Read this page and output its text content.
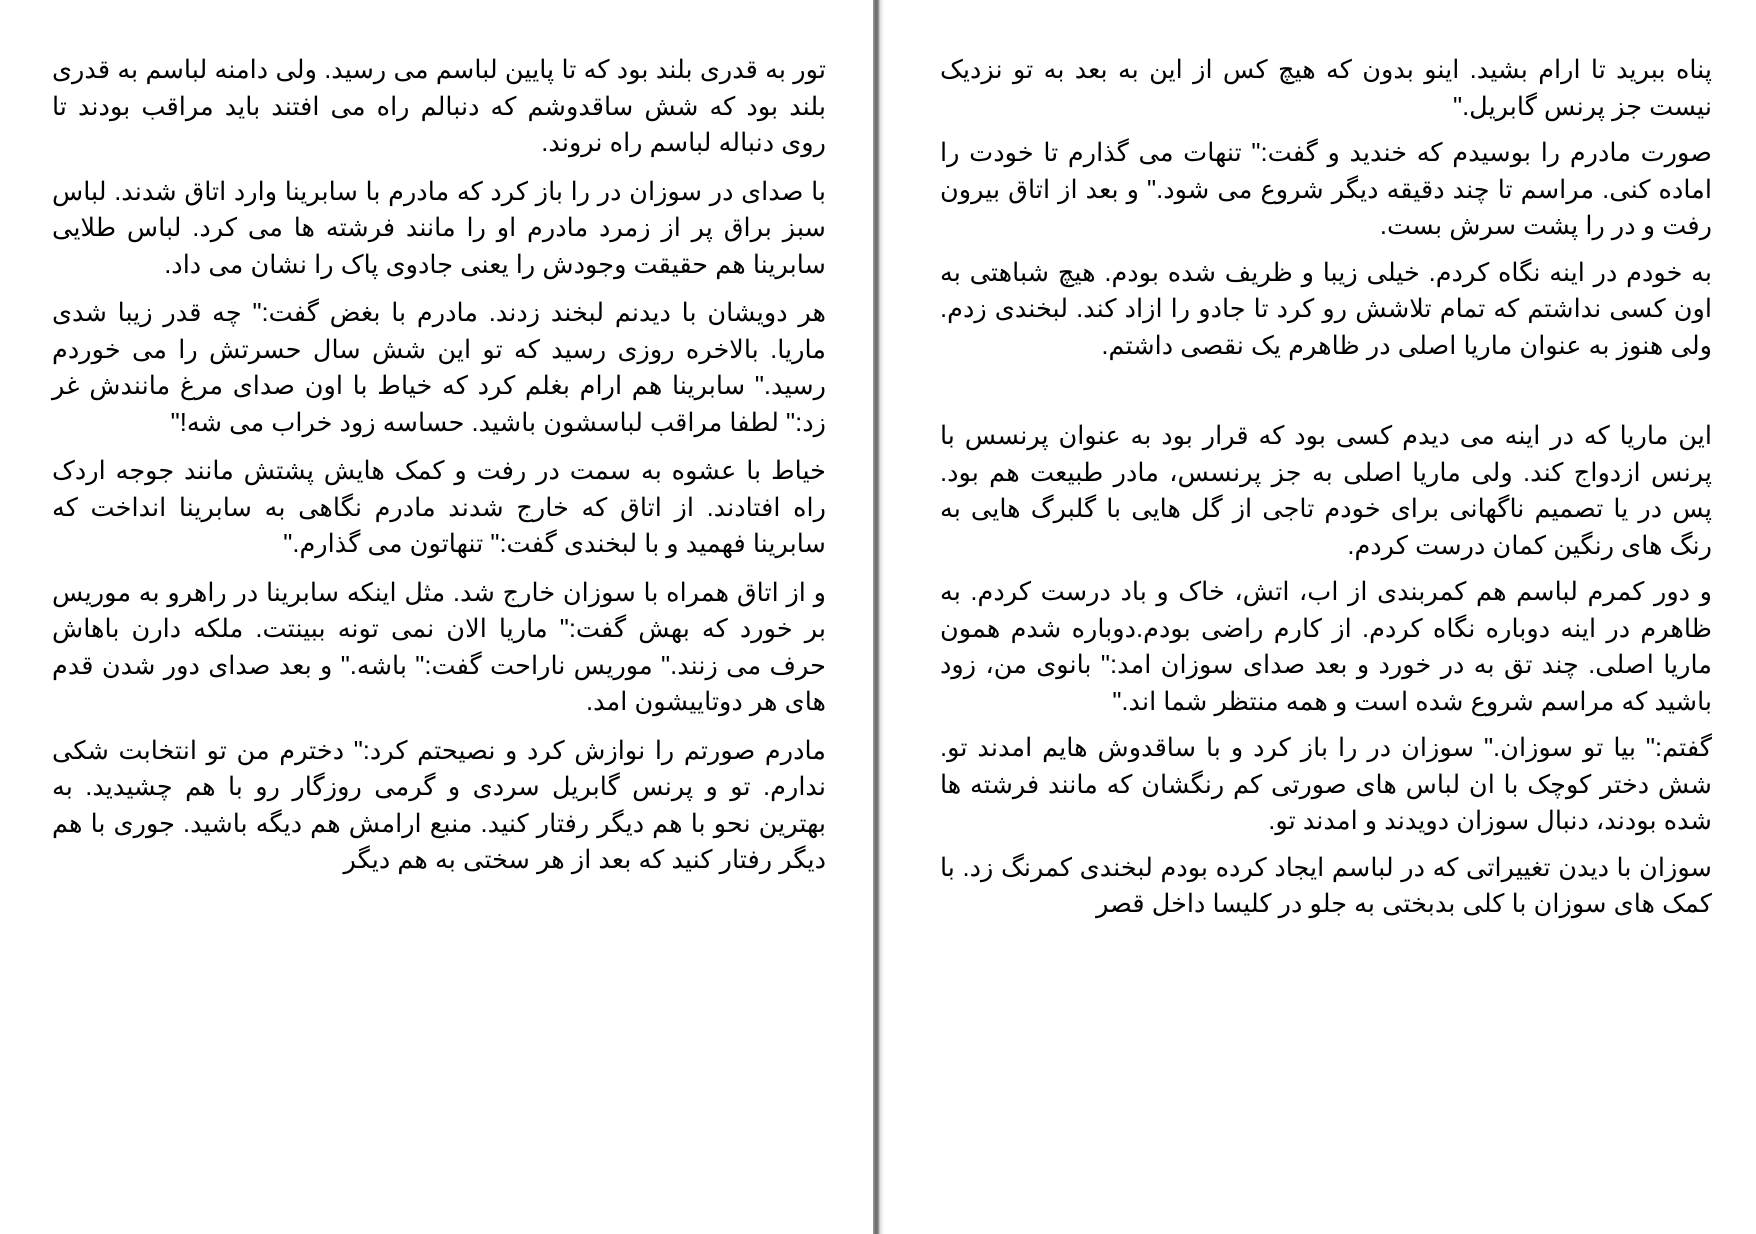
تور به قدری بلند بود که تا پایین لباسم می رسید. ولی دامنه لباسم به قدری بلند بود که شش ساقدوشم که دنبالم راه می افتند باید مراقب بودند تا روی دنباله لباسم راه نروند.

با صدای در سوزان در را باز کرد که مادرم با سابرینا وارد اتاق شدند. لباس سبز براق پر از زمرد مادرم او را مانند فرشته ها می کرد. لباس طلایی سابرینا هم حقیقت وجودش را یعنی جادوی پاک را نشان می داد.

هر دویشان با دیدنم لبخند زدند. مادرم با بغض گفت:" چه قدر زیبا شدی ماریا. بالاخره روزی رسید که تو این شش سال حسرتش را می خوردم رسید." سابرینا هم ارام بغلم کرد که خیاط با اون صدای مرغ مانندش غر زد:" لطفا مراقب لباسشون باشید. حساسه زود خراب می شه!"

خیاط با عشوه به سمت در رفت و کمک هایش پشتش مانند جوجه اردک راه افتادند. از اتاق که خارج شدند مادرم نگاهی به سابرینا انداخت که سابرینا فهمید و با لبخندی گفت:" تنهاتون می گذارم."

و از اتاق همراه با سوزان خارج شد. مثل اینکه سابرینا در راهرو به موریس بر خورد که بهش گفت:" ماریا الان نمی تونه ببینتت. ملکه دارن باهاش حرف می زنند." موریس ناراحت گفت:" باشه." و بعد صدای دور شدن قدم های هر دوتاییشون امد.

مادرم صورتم را نوازش کرد و نصیحتم کرد:" دخترم من تو انتخابت شکی ندارم. تو و پرنس گابریل سردی و گرمی روزگار رو با هم چشیدید. به بهترین نحو با هم دیگر رفتار کنید. منبع ارامش هم دیگه باشید. جوری با هم دیگر رفتار کنید که بعد از هر سختی به هم دیگر

پناه ببرید تا ارام بشید. اینو بدون که هیچ کس از این به بعد به تو نزدیک نیست جز پرنس گابریل."

صورت مادرم را بوسیدم که خندید و گفت:" تنهات می گذارم تا خودت را اماده کنی. مراسم تا چند دقیقه دیگر شروع می شود." و بعد از اتاق بیرون رفت و در را پشت سرش بست.

به خودم در اینه نگاه کردم. خیلی زیبا و ظریف شده بودم. هیچ شباهتی به اون کسی نداشتم که تمام تلاشش رو کرد تا جادو را ازاد کند. لبخندی زدم. ولی هنوز به عنوان ماریا اصلی در ظاهرم یک نقصی داشتم.

این ماریا که در اینه می دیدم کسی بود که قرار بود به عنوان پرنسس با پرنس ازدواج کند. ولی ماریا اصلی به جز پرنسس، مادر طبیعت هم بود. پس در یا تصمیم ناگهانی برای خودم تاجی از گل هایی با گلبرگ هایی به رنگ های رنگین کمان درست کردم.

و دور کمرم لباسم هم کمربندی از اب، اتش، خاک و باد درست کردم. به ظاهرم در اینه دوباره نگاه کردم. از کارم راضی بودم.دوباره شدم همون ماریا اصلی. چند تق به در خورد و بعد صدای سوزان امد:" بانوی من، زود باشید که مراسم شروع شده است و همه منتظر شما اند."

گفتم:" بیا تو سوزان." سوزان در را باز کرد و با ساقدوش هایم امدند تو. شش دختر کوچک با ان لباس های صورتی کم رنگشان که مانند فرشته ها شده بودند، دنبال سوزان دویدند و امدند تو.

سوزان با دیدن تغییراتی که در لباسم ایجاد کرده بودم لبخندی کمرنگ زد. با کمک های سوزان با کلی بدبختی به جلو در کلیسا داخل قصر
